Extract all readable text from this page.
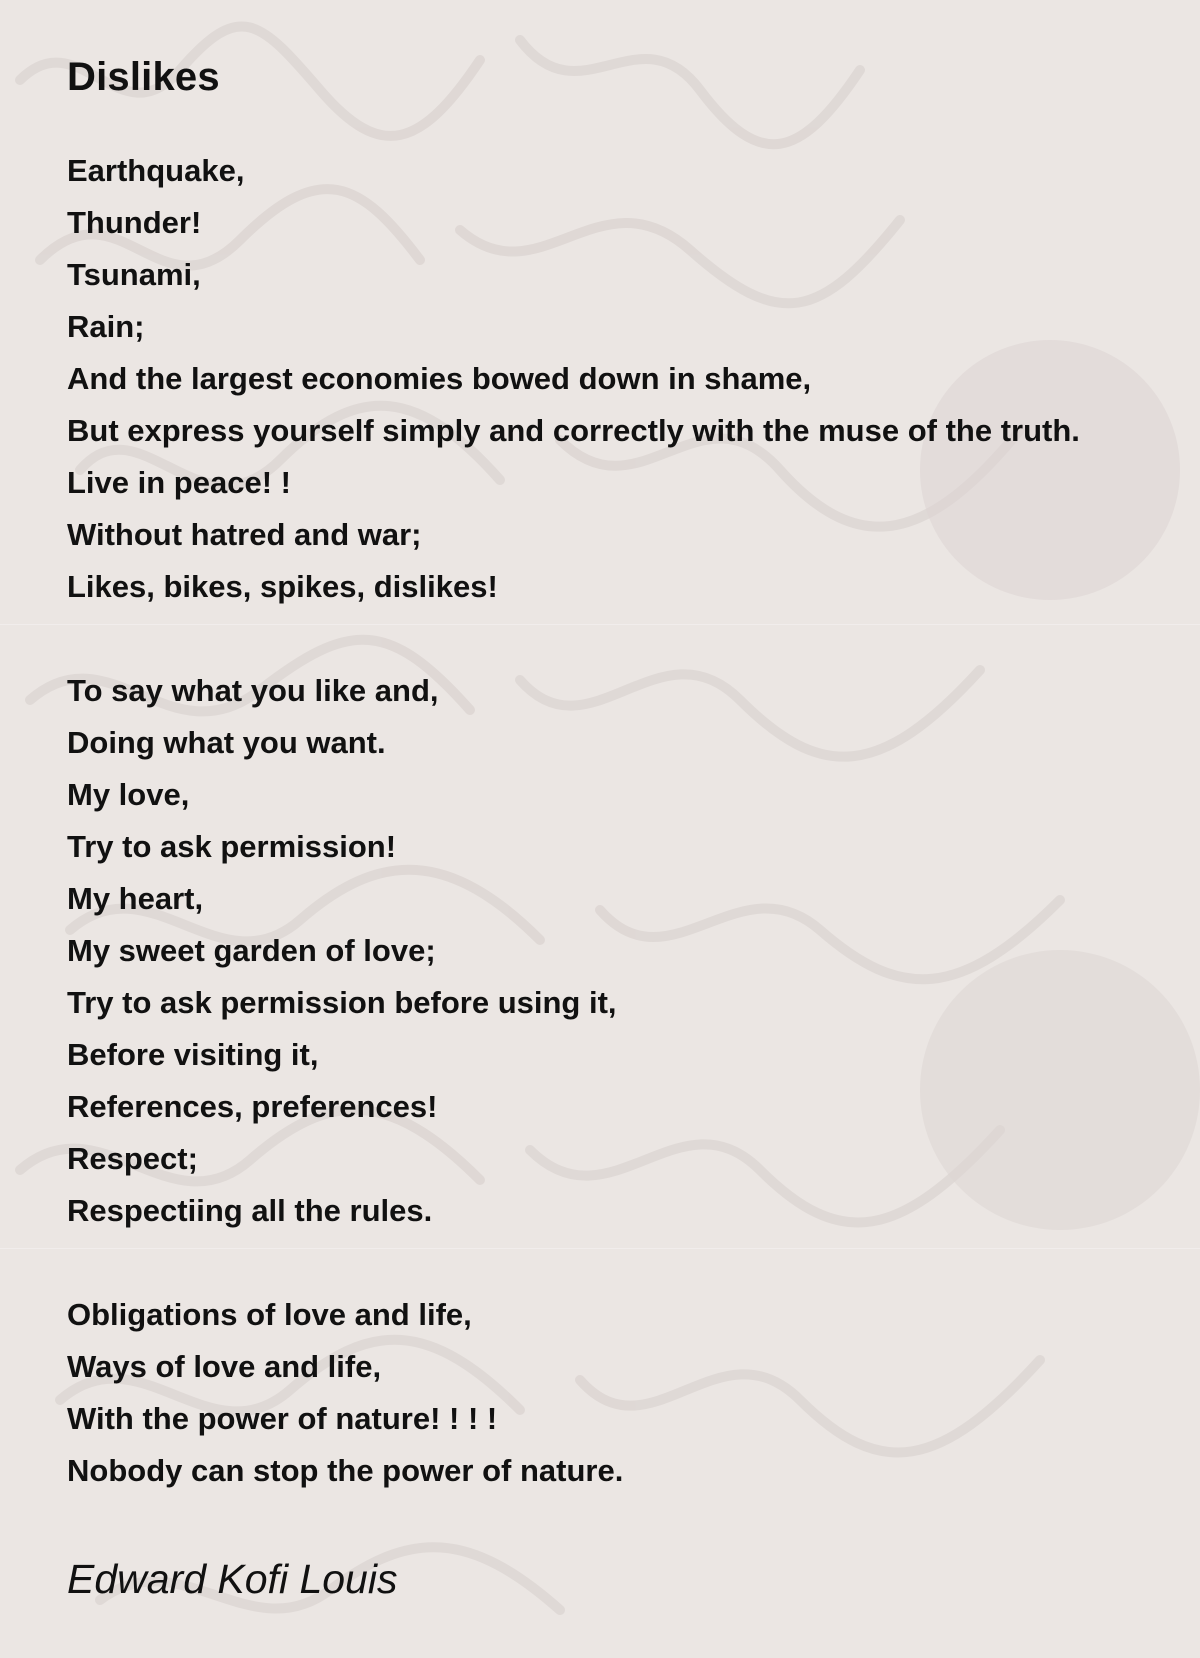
Dislikes
Earthquake,
Thunder!
Tsunami,
Rain;
And the largest economies bowed down in shame,
But express yourself simply and correctly with the muse of the truth.
Live in peace! !
Without hatred and war;
Likes, bikes, spikes, dislikes!
To say what you like and,
Doing what you want.
My love,
Try to ask permission!
My heart,
My sweet garden of love;
Try to ask permission before using it,
Before visiting it,
References, preferences!
Respect;
Respectiing all the rules.
Obligations of love and life,
Ways of love and life,
With the power of nature! ! ! !
Nobody can stop the power of nature.
Edward Kofi Louis
